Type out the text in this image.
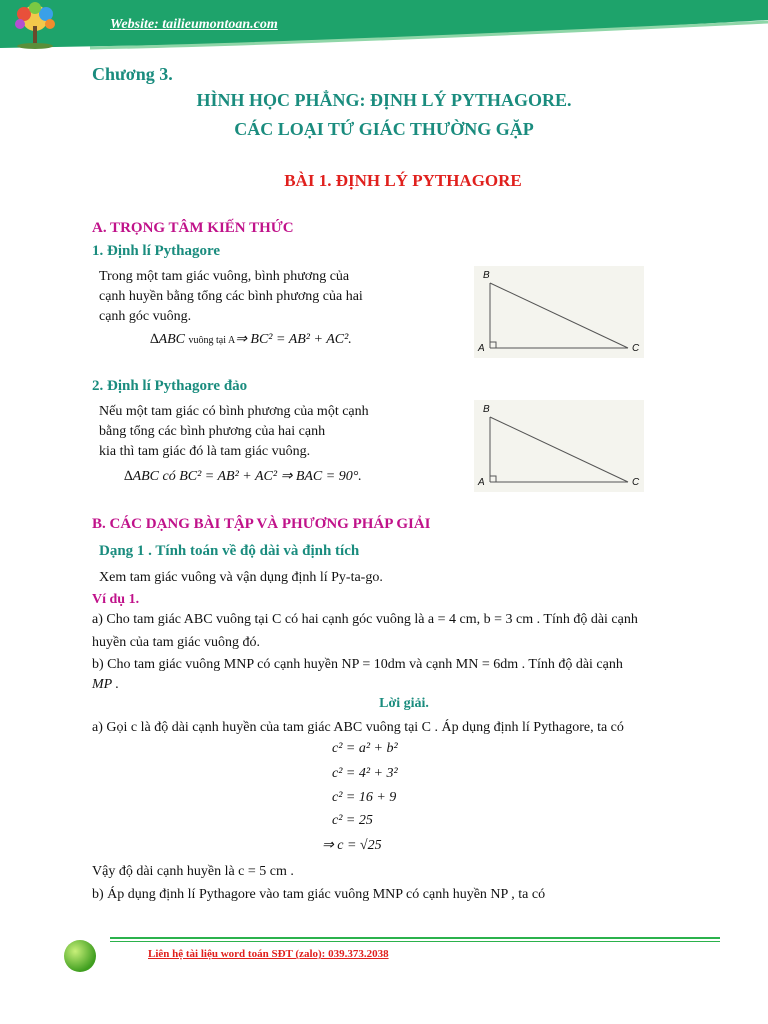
Website: tailieumontoan.com
Chương 3.
HÌNH HỌC PHẲNG: ĐỊNH LÝ PYTHAGORE.
CÁC LOẠI TỨ GIÁC THƯỜNG GẶP
BÀI 1. ĐỊNH LÝ PYTHAGORE
A. TRỌNG TÂM KIẾN THỨC
1. Định lí Pythagore
Trong một tam giác vuông, bình phương của
cạnh huyền bằng tổng các bình phương của hai
cạnh góc vuông.
∆ABC vuông tại A⇒ BC² = AB² + AC².
B
A	C
2. Định lí Pythagore đảo
Nếu một tam giác có bình phương của một cạnh
bằng tổng các bình phương của hai cạnh
kia thì tam giác đó là tam giác vuông.
∆ABC có BC² = AB² + AC² ⇒ BAC = 90°.
B
A	C
B. CÁC DẠNG BÀI TẬP VÀ PHƯƠNG PHÁP GIẢI
Dạng 1 . Tính toán về độ dài và định tích
Xem tam giác vuông và vận dụng định lí Py-ta-go.
Ví dụ 1.
a) Cho tam giác ABC vuông tại C có hai cạnh góc vuông là a = 4 cm, b = 3 cm . Tính độ dài cạnh
huyền của tam giác vuông đó.
b) Cho tam giác vuông MNP có cạnh huyền NP = 10dm và cạnh MN = 6dm . Tính độ dài cạnh
MP .
Lời giải.
a) Gọi c là độ dài cạnh huyền của tam giác ABC vuông tại C . Áp dụng định lí Pythagore, ta có
c² = a² + b²
c² = 4² + 3²
c² = 16 + 9
c² = 25
⇒ c = √25
Vậy độ dài cạnh huyền là c = 5 cm .
b) Áp dụng định lí Pythagore vào tam giác vuông MNP có cạnh huyền NP , ta có
Liên hệ tài liệu word toán SĐT (zalo): 039.373.2038
